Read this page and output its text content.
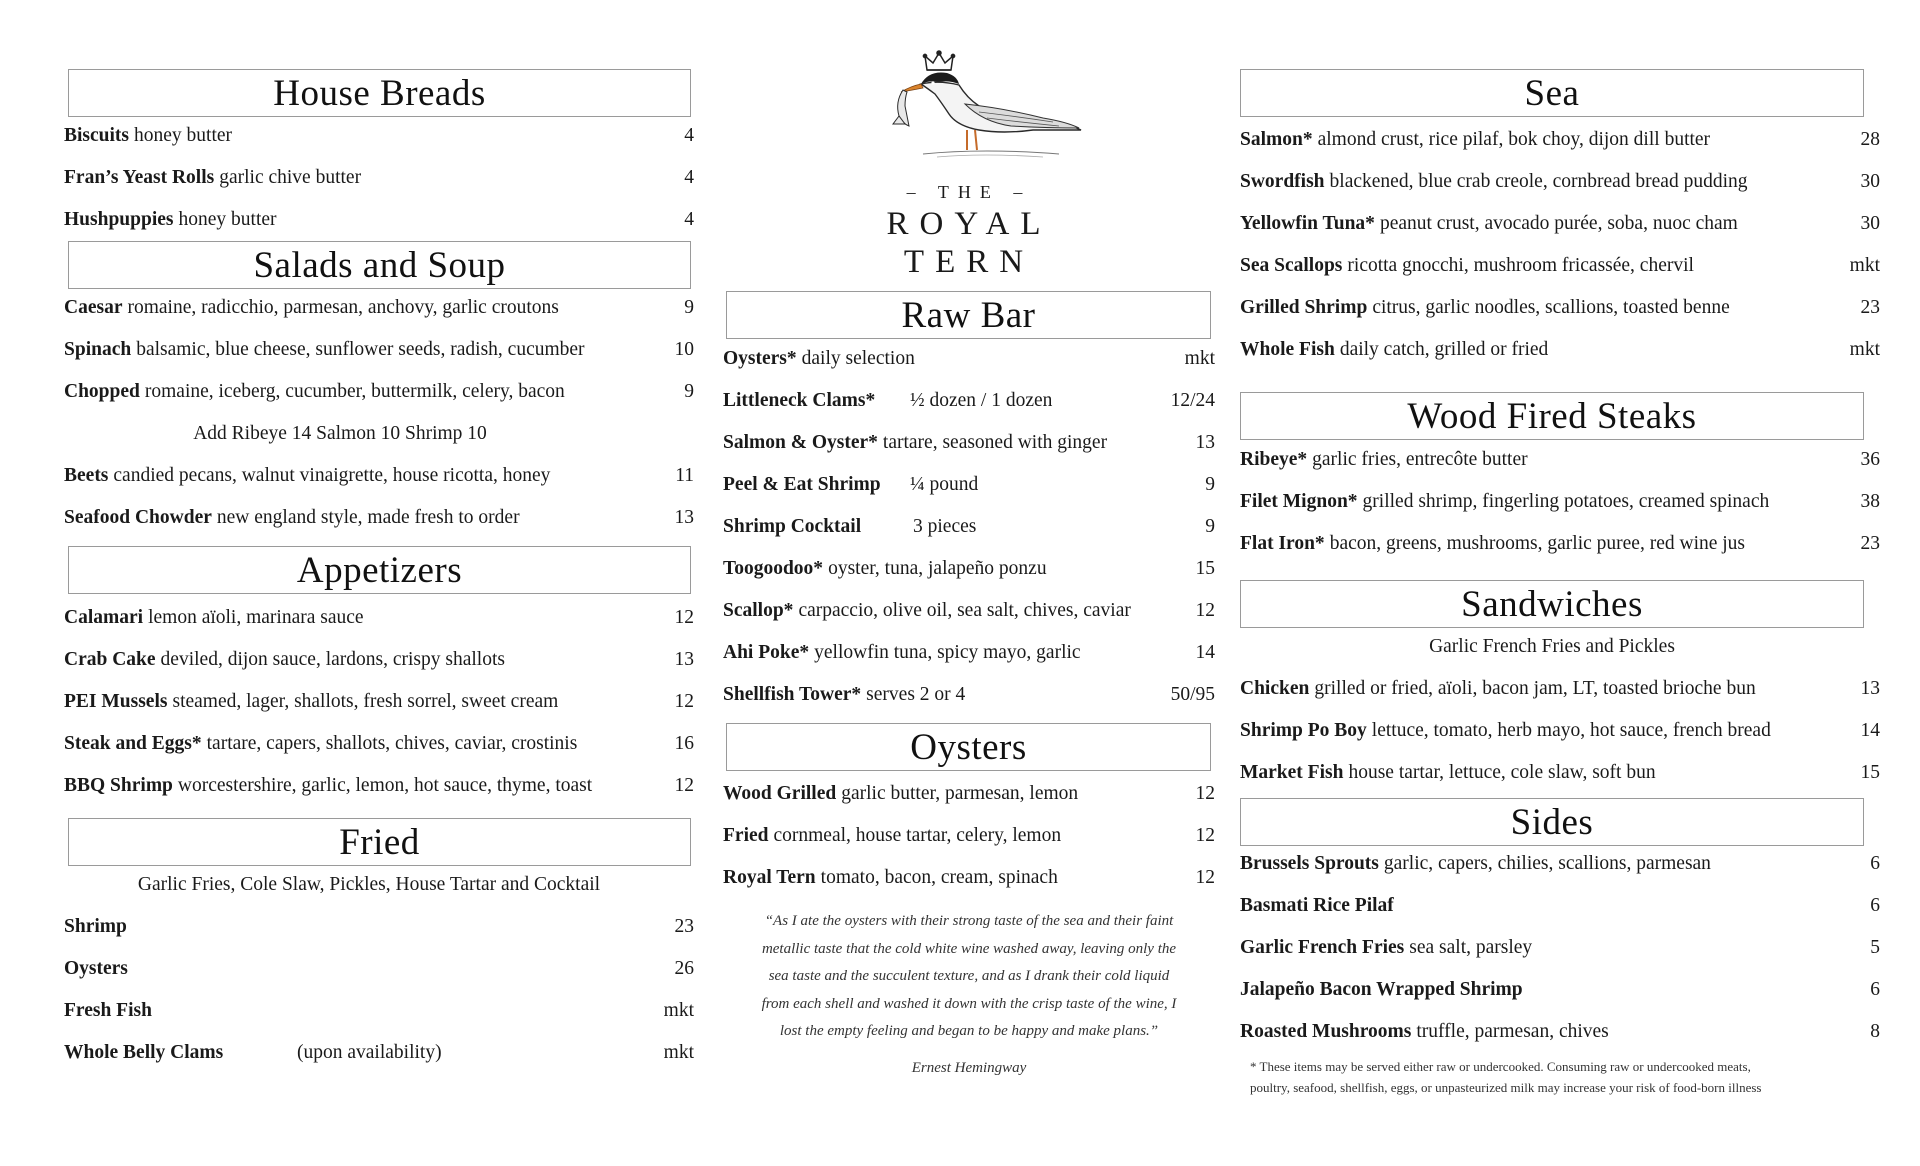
House Breads
Biscuits honey butter	4
Fran’s Yeast Rolls garlic chive butter	4
Hushpuppies honey butter	4
Salads and Soup
Caesar romaine, radicchio, parmesan, anchovy, garlic croutons	9
Spinach balsamic, blue cheese, sunflower seeds, radish, cucumber	10
Chopped romaine, iceberg, cucumber, buttermilk, celery, bacon	9
Add Ribeye 14 Salmon 10 Shrimp 10
Beets candied pecans, walnut vinaigrette, house ricotta, honey	11
Seafood Chowder new england style, made fresh to order	13
Appetizers
Calamari lemon aïoli, marinara sauce	12
Crab Cake deviled, dijon sauce, lardons, crispy shallots	13
PEI Mussels steamed, lager, shallots, fresh sorrel, sweet cream	12
Steak and Eggs* tartare, capers, shallots, chives, caviar, crostinis	16
BBQ Shrimp worcestershire, garlic, lemon, hot sauce, thyme, toast	12
Fried
Garlic Fries, Cole Slaw, Pickles, House Tartar and Cocktail
Shrimp	23
Oysters	26
Fresh Fish	mkt
Whole Belly Clams	(upon availability)	mkt
– THE –
ROYAL
TERN
Raw Bar
Oysters* daily selection	mkt
Littleneck Clams* ½ dozen / 1 dozen	12/24
Salmon & Oyster* tartare, seasoned with ginger	13
Peel & Eat Shrimp ¼ pound	9
Shrimp Cocktail	3 pieces	9
Toogoodoo* oyster, tuna, jalapeño ponzu	15
Scallop* carpaccio, olive oil, sea salt, chives, caviar	12
Ahi Poke* yellowfin tuna, spicy mayo, garlic	14
Shellfish Tower* serves 2 or 4	50/95
Oysters
Wood Grilled garlic butter, parmesan, lemon	12
Fried cornmeal, house tartar, celery, lemon	12
Royal Tern tomato, bacon, cream, spinach	12
“As I ate the oysters with their strong taste of the sea and their faint
metallic taste that the cold white wine washed away, leaving only the
sea taste and the succulent texture, and as I drank their cold liquid
from each shell and washed it down with the crisp taste of the wine, I
lost the empty feeling and began to be happy and make plans.”
Ernest Hemingway
Sea
Salmon* almond crust, rice pilaf, bok choy, dijon dill butter	28
Swordfish blackened, blue crab creole, cornbread bread pudding	30
Yellowfin Tuna* peanut crust, avocado purée, soba, nuoc cham	30
Sea Scallops ricotta gnocchi, mushroom fricassée, chervil	mkt
Grilled Shrimp citrus, garlic noodles, scallions, toasted benne	23
Whole Fish daily catch, grilled or fried	mkt
Wood Fired Steaks
Ribeye* garlic fries, entrecôte butter	36
Filet Mignon* grilled shrimp, fingerling potatoes, creamed spinach	38
Flat Iron* bacon, greens, mushrooms, garlic puree, red wine jus	23
Sandwiches
Garlic French Fries and Pickles
Chicken grilled or fried, aïoli, bacon jam, LT, toasted brioche bun	13
Shrimp Po Boy lettuce, tomato, herb mayo, hot sauce, french bread	14
Market Fish house tartar, lettuce, cole slaw, soft bun	15
Sides
Brussels Sprouts garlic, capers, chilies, scallions, parmesan	6
Basmati Rice Pilaf	6
Garlic French Fries sea salt, parsley	5
Jalapeño Bacon Wrapped Shrimp	6
Roasted Mushrooms truffle, parmesan, chives	8
* These items may be served either raw or undercooked. Consuming raw or undercooked meats,
poultry, seafood, shellfish, eggs, or unpasteurized milk may increase your risk of food-born illness
